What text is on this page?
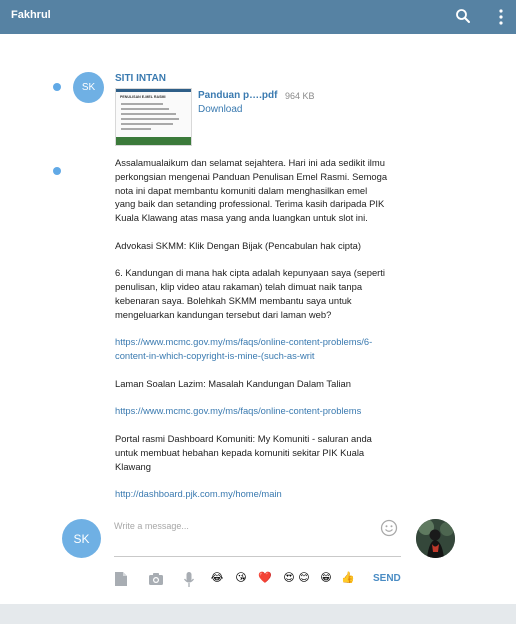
Fakhrul
SK
SITI INTAN
PENULISAN E-MEL RASMI	Panduan p….pdf 964 KB
Download
Assalamualaikum dan selamat sejahtera. Hari ini ada sedikit ilmu
perkongsian mengenai Panduan Penulisan Emel Rasmi. Semoga
nota ini dapat membantu komuniti dalam menghasilkan emel
yang baik dan setanding professional. Terima kasih daripada PIK
Kuala Klawang atas masa yang anda luangkan untuk slot ini.

Advokasi SKMM: Klik Dengan Bijak (Pencabulan hak cipta)

6. Kandungan di mana hak cipta adalah kepunyaan saya (seperti
penulisan, klip video atau rakaman) telah dimuat naik tanpa
kebenaran saya. Bolehkah SKMM membantu saya untuk
mengeluarkan kandungan tersebut dari laman web?

https://www.mcmc.gov.my/ms/faqs/online-content-problems/6-
content-in-which-copyright-is-mine-(such-as-writ

Laman Soalan Lazim: Masalah Kandungan Dalam Talian

https://www.mcmc.gov.my/ms/faqs/online-content-problems

Portal rasmi Dashboard Komuniti: My Komuniti - saluran anda
untuk membuat hebahan kepada komuniti sekitar PIK Kuala
Klawang

http://dashboard.pjk.com.my/home/main
SK
Write a message...
😂 😘 ❤️ 😍 😊 😁 👍 SEND
